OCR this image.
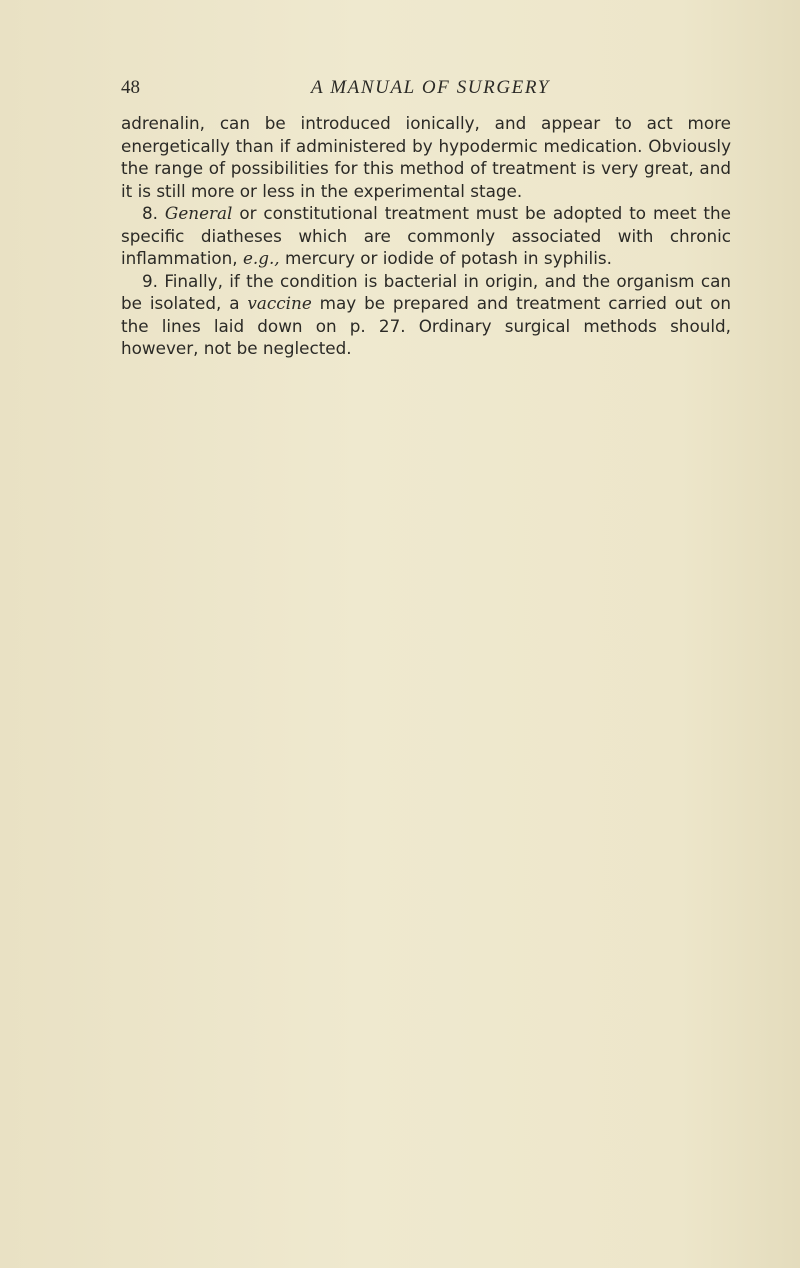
48	A MANUAL OF SURGERY

adrenalin, can be introduced ionically, and appear to act more energetically than if administered by hypodermic medication. Obviously the range of possibilities for this method of treatment is very great, and it is still more or less in the experimental stage.

8. General or constitutional treatment must be adopted to meet the specific diatheses which are commonly associated with chronic inflammation, e.g., mercury or iodide of potash in syphilis.

9. Finally, if the condition is bacterial in origin, and the organism can be isolated, a vaccine may be prepared and treatment carried out on the lines laid down on p. 27. Ordinary surgical methods should, however, not be neglected.
